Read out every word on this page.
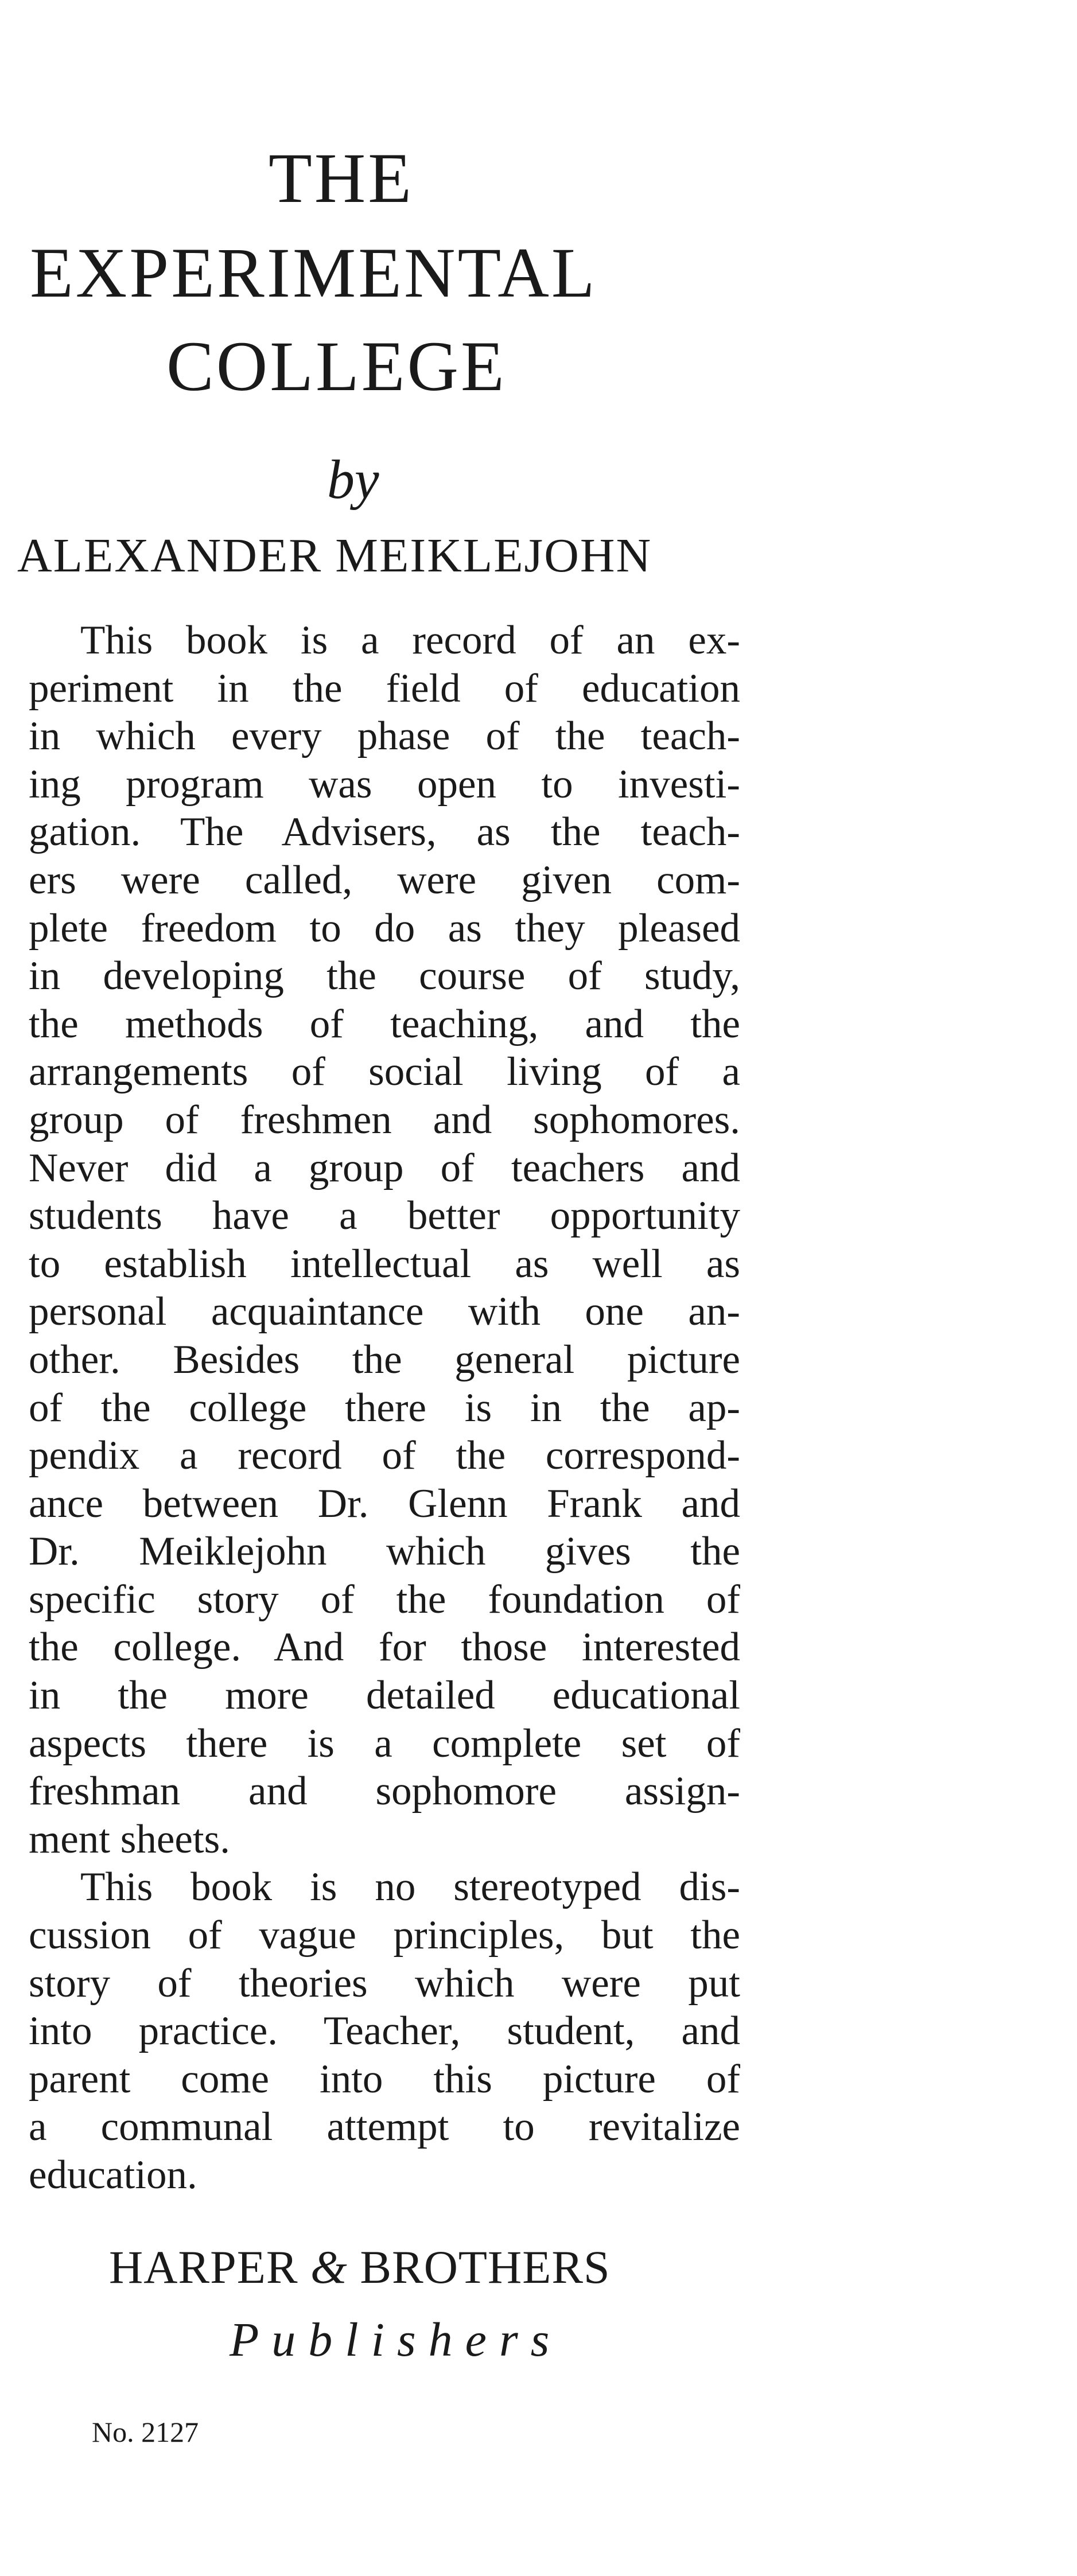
THE
EXPERIMENTAL
COLLEGE
by
ALEXANDER MEIKLEJOHN
This book is a record of an ex-
periment in the field of education
in which every phase of the teach-
ing program was open to investi-
gation. The Advisers, as the teach-
ers were called, were given com-
plete freedom to do as they pleased
in developing the course of study,
the methods of teaching, and the
arrangements of social living of a
group of freshmen and sophomores.
Never did a group of teachers and
students have a better opportunity
to establish intellectual as well as
personal acquaintance with one an-
other. Besides the general picture
of the college there is in the ap-
pendix a record of the correspond-
ance between Dr. Glenn Frank and
Dr. Meiklejohn which gives the
specific story of the foundation of
the college. And for those interested
in the more detailed educational
aspects there is a complete set of
freshman and sophomore assign-
ment sheets.
This book is no stereotyped dis-
cussion of vague principles, but the
story of theories which were put
into practice. Teacher, student, and
parent come into this picture of
a communal attempt to revitalize
education.
HARPER & BROTHERS
Publishers
No. 2127
